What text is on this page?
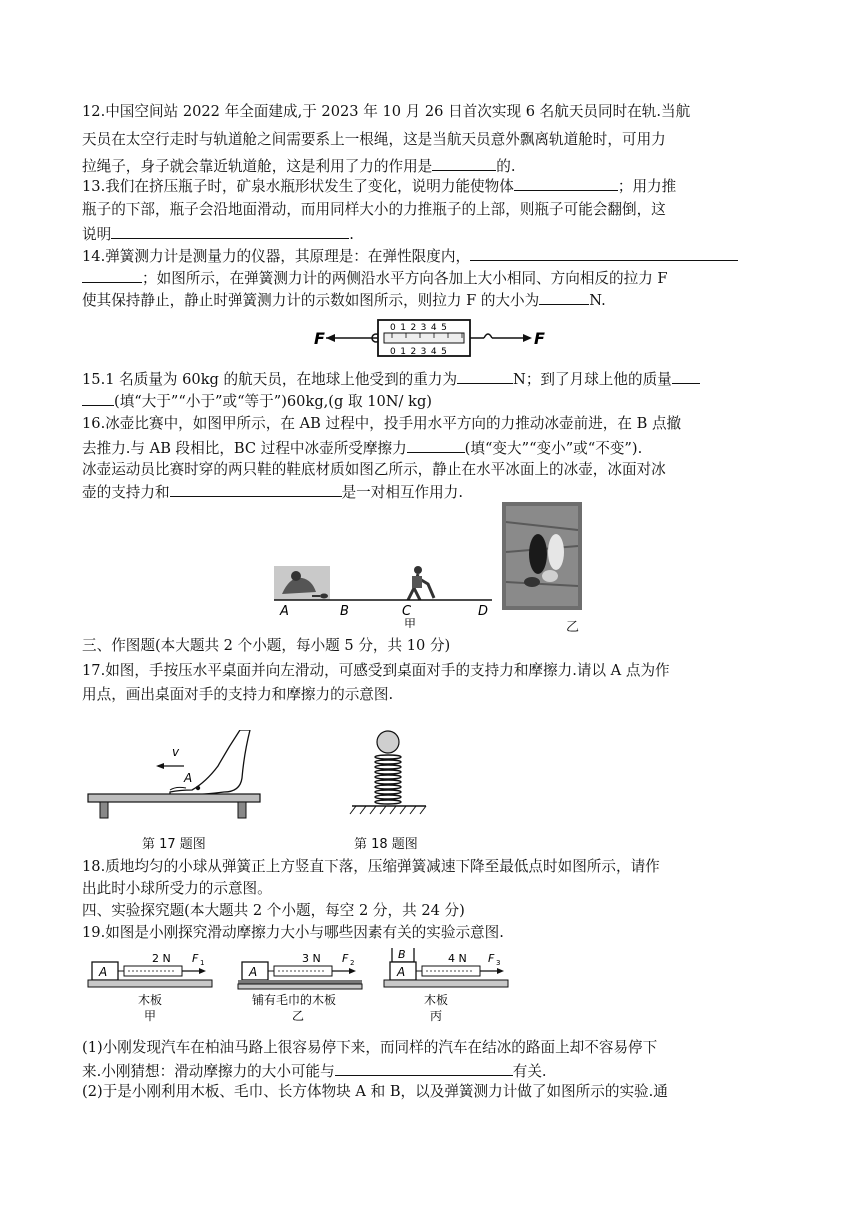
12.中国空间站 2022 年全面建成,于 2023 年 10 月 26 日首次实现 6 名航天员同时在轨.当航
天员在太空行走时与轨道舱之间需要系上一根绳，这是当航天员意外飘离轨道舱时，可用力
拉绳子，身子就会靠近轨道舱，这是利用了力的作用是	的.
13.我们在挤压瓶子时，矿泉水瓶形状发生了变化，说明力能使物体	；用力推
瓶子的下部，瓶子会沿地面滑动，而用同样大小的力推瓶子的上部，则瓶子可能会翻倒，这
说明	.
14.弹簧测力计是测量力的仪器，其原理是：在弹性限度内，
；如图所示，在弹簧测力计的两侧沿水平方向各加上大小相同、方向相反的拉力 F
使其保持静止，静止时弹簧测力计的示数如图所示，则拉力 F 的大小为	N.
F
012345
012345
F
15.1 名质量为 60kg 的航天员，在地球上他受到的重力为	N；到了月球上他的质量
(填“大于”“小于”或“等于”)60kg,(g 取 10N/ kg)
16.冰壶比赛中，如图甲所示，在 AB 过程中，投手用水平方向的力推动冰壶前进，在 B 点撤
去推力.与 AB 段相比，BC 过程中冰壶所受摩擦力	(填“变大”“变小”或“不变”).
冰壶运动员比赛时穿的两只鞋的鞋底材质如图乙所示，静止在水平冰面上的冰壶，冰面对冰
壶的支持力和	是一对相互作用力.
A	B	C	D
甲	乙
三、作图题(本大题共 2 个小题，每小题 5 分，共 10 分)
17.如图，手按压水平桌面并向左滑动，可感受到桌面对手的支持力和摩擦力.请以 A 点为作
用点，画出桌面对手的支持力和摩擦力的示意图.
v
A
第 17 题图	第 18 题图
18.质地均匀的小球从弹簧正上方竖直下落，压缩弹簧减速下降至最低点时如图所示，请作
出此时小球所受力的示意图。
四、实验探究题(本大题共 2 个小题，每空 2 分，共 24 分)
19.如图是小刚探究滑动摩擦力大小与哪些因素有关的实验示意图.
A
2 N F 1
木板
甲
A
3 N F 2
铺有毛巾的木板
乙
B
A
4 N F 3
木板
丙
(1)小刚发现汽车在柏油马路上很容易停下来，而同样的汽车在结冰的路面上却不容易停下
来.小刚猜想：滑动摩擦力的大小可能与	有关.
(2)于是小刚利用木板、毛巾、长方体物块 A 和 B，以及弹簧测力计做了如图所示的实验.通
